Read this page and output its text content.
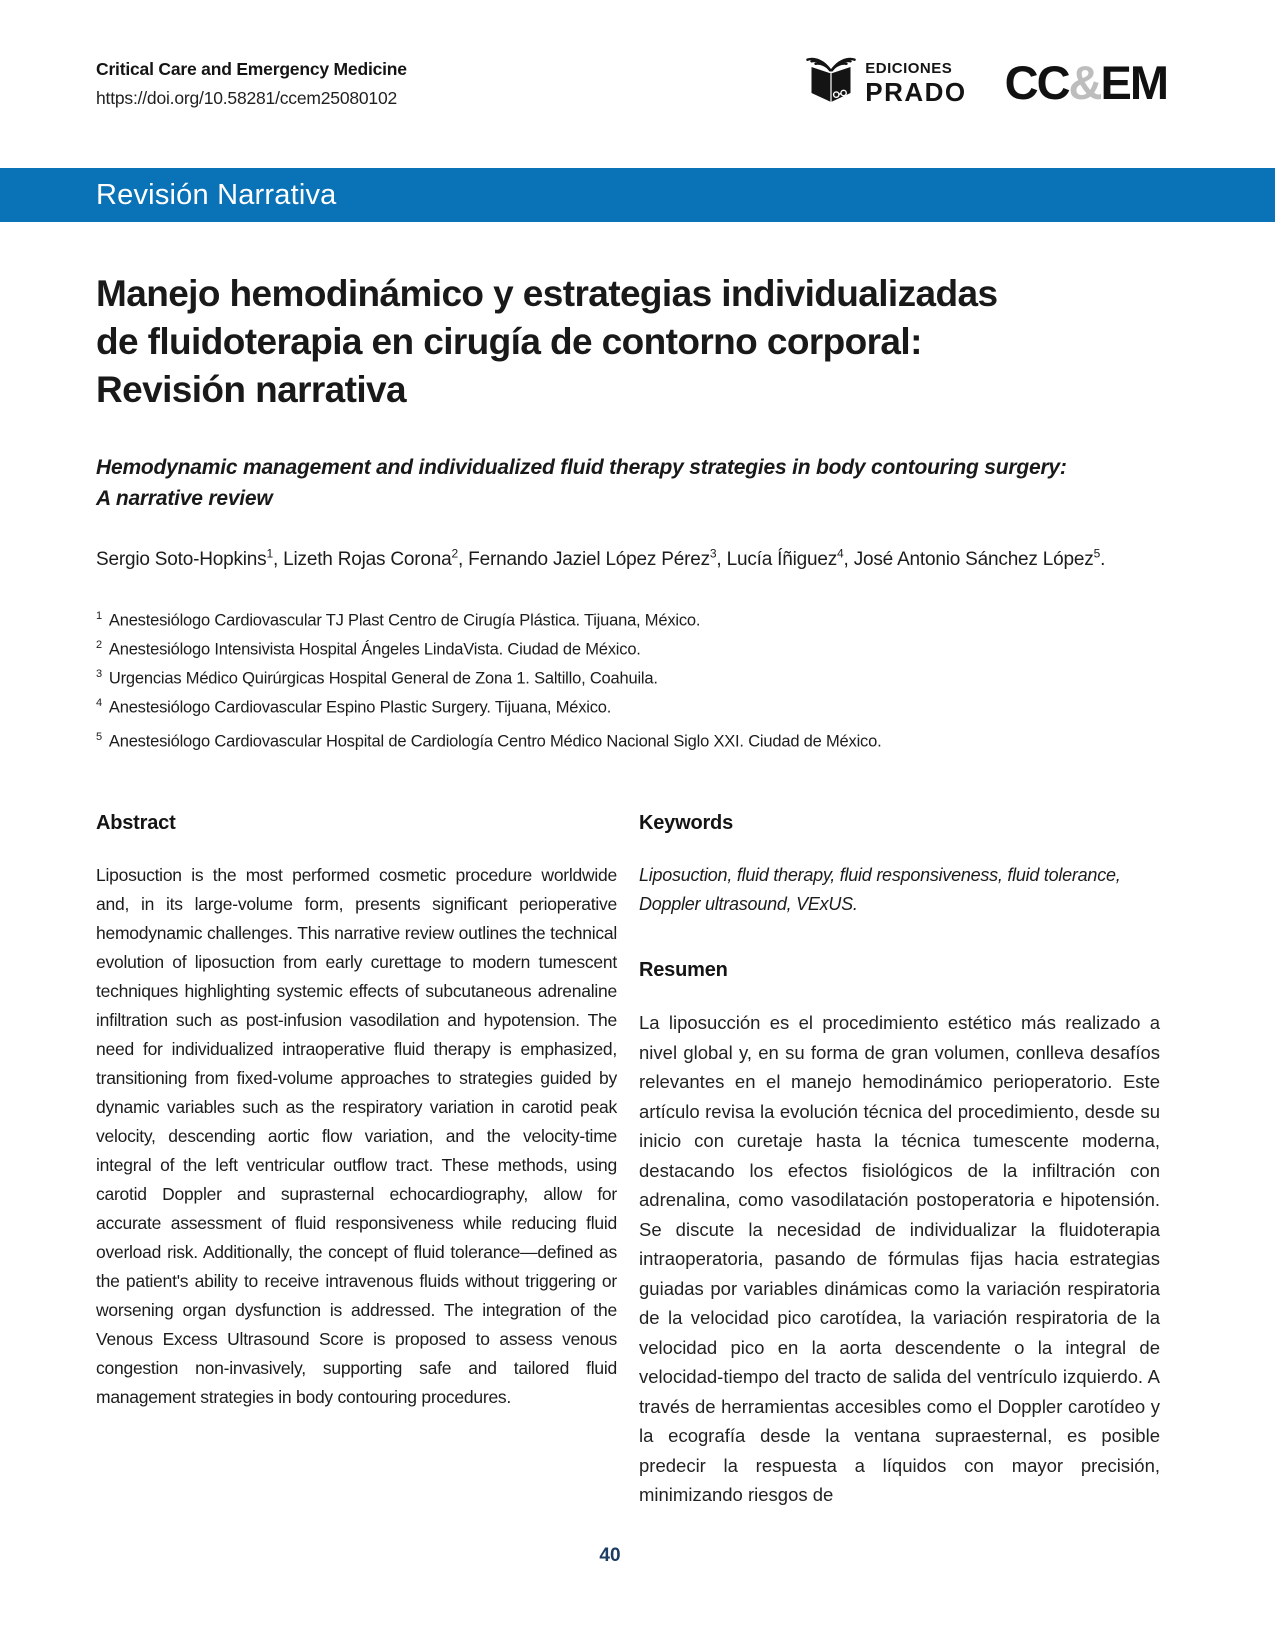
Critical Care and Emergency Medicine
https://doi.org/10.58281/ccem25080102
EDICIONES
PRADO CC&EM
Revisión Narrativa
Manejo hemodinámico y estrategias individualizadas
de fluidoterapia en cirugía de contorno corporal:
Revisión narrativa
Hemodynamic management and individualized fluid therapy strategies in body contouring surgery:
A narrative review
Sergio Soto-Hopkins$^1$, Lizeth Rojas Corona$^2$, Fernando Jaziel López Pérez$^3$, Lucía Íñiguez$^4$, José Antonio Sánchez López$^5$.
$^1$ Anestesiólogo Cardiovascular TJ Plast Centro de Cirugía Plástica. Tijuana, México.
$^2$ Anestesiólogo Intensivista Hospital Ángeles LindaVista. Ciudad de México.
$^3$ Urgencias Médico Quirúrgicas Hospital General de Zona 1. Saltillo, Coahuila.
$^4$ Anestesiólogo Cardiovascular Espino Plastic Surgery. Tijuana, México.
$^5$ Anestesiólogo Cardiovascular Hospital de Cardiología Centro Médico Nacional Siglo XXI. Ciudad de México.
Abstract
Liposuction is the most performed cosmetic procedure worldwide and, in its large-volume form, presents significant perioperative hemodynamic challenges. This narrative review outlines the technical evolution of liposuction from early curettage to modern tumescent techniques highlighting systemic effects of subcutaneous adrenaline infiltration such as post-infusion vasodilation and hypotension. The need for individualized intraoperative fluid therapy is emphasized, transitioning from fixed-volume approaches to strategies guided by dynamic variables such as the respiratory variation in carotid peak velocity, descending aortic flow variation, and the velocity-time integral of the left ventricular outflow tract. These methods, using carotid Doppler and suprasternal echocardiography, allow for accurate assessment of fluid responsiveness while reducing fluid overload risk. Additionally, the concept of fluid tolerance—defined as the patient's ability to receive intravenous fluids without triggering or worsening organ dysfunction is addressed. The integration of the Venous Excess Ultrasound Score is proposed to assess venous congestion non-invasively, supporting safe and tailored fluid management strategies in body contouring procedures.
Keywords
Liposuction, fluid therapy, fluid responsiveness, fluid tolerance, Doppler ultrasound, VExUS.
Resumen
La liposucción es el procedimiento estético más realizado a nivel global y, en su forma de gran volumen, conlleva desafíos relevantes en el manejo hemodinámico perioperatorio. Este artículo revisa la evolución técnica del procedimiento, desde su inicio con curetaje hasta la técnica tumescente moderna, destacando los efectos fisiológicos de la infiltración con adrenalina, como vasodilatación postoperatoria e hipotensión. Se discute la necesidad de individualizar la fluidoterapia intraoperatoria, pasando de fórmulas fijas hacia estrategias guiadas por variables dinámicas como la variación respiratoria de la velocidad pico carotídea, la variación respiratoria de la velocidad pico en la aorta descendente o la integral de velocidad-tiempo del tracto de salida del ventrículo izquierdo. A través de herramientas accesibles como el Doppler carotídeo y la ecografía desde la ventana supraesternal, es posible predecir la respuesta a líquidos con mayor precisión, minimizando riesgos de
40
